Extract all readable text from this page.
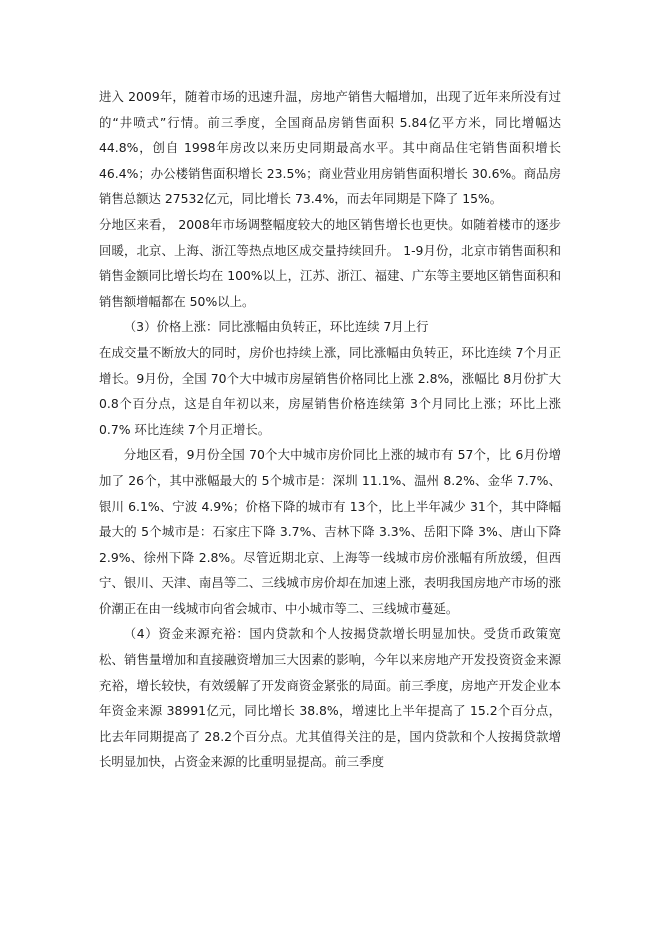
进入 2009年，随着市场的迅速升温，房地产销售大幅增加，出现了近年来所没有过的“井喷式”行情。前三季度，全国商品房销售面积 5.84亿平方米，同比增幅达 44.8%，创自 1998年房改以来历史同期最高水平。其中商品住宅销售面积增长 46.4%；办公楼销售面积增长 23.5%；商业营业用房销售面积增长 30.6%。商品房销售总额达 27532亿元，同比增长 73.4%，而去年同期是下降了 15%。

分地区来看， 2008年市场调整幅度较大的地区销售增长也更快。如随着楼市的逐步回暖，北京、上海、浙江等热点地区成交量持续回升。 1-9月份，北京市销售面积和销售金额同比增长均在 100%以上，江苏、浙江、福建、广东等主要地区销售面积和销售额增幅都在 50%以上。

（3）价格上涨：同比涨幅由负转正，环比连续 7月上行

在成交量不断放大的同时，房价也持续上涨，同比涨幅由负转正，环比连续 7个月正增长。9月份，全国 70个大中城市房屋销售价格同比上涨 2.8%，涨幅比 8月份扩大 0.8个百分点，这是自年初以来，房屋销售价格连续第 3个月同比上涨；环比上涨 0.7% 环比连续 7个月正增长。

分地区看，9月份全国 70个大中城市房价同比上涨的城市有 57个，比 6月份增加了 26个，其中涨幅最大的 5个城市是：深圳 11.1%、温州 8.2%、金华 7.7%、银川 6.1%、宁波 4.9%；价格下降的城市有 13个，比上半年减少 31个，其中降幅最大的 5个城市是：石家庄下降 3.7%、吉林下降 3.3%、岳阳下降 3%、唐山下降 2.9%、徐州下降 2.8%。尽管近期北京、上海等一线城市房价涨幅有所放缓，但西宁、银川、天津、南昌等二、三线城市房价却在加速上涨，表明我国房地产市场的涨价潮正在由一线城市向省会城市、中小城市等二、三线城市蔓延。

（4）资金来源充裕：国内贷款和个人按揭贷款增长明显加快。受货币政策宽松、销售量增加和直接融资增加三大因素的影响，今年以来房地产开发投资资金来源充裕，增长较快，有效缓解了开发商资金紧张的局面。前三季度，房地产开发企业本年资金来源 38991亿元，同比增长 38.8%，增速比上半年提高了 15.2个百分点，比去年同期提高了 28.2个百分点。尤其值得关注的是，国内贷款和个人按揭贷款增长明显加快，占资金来源的比重明显提高。前三季度
